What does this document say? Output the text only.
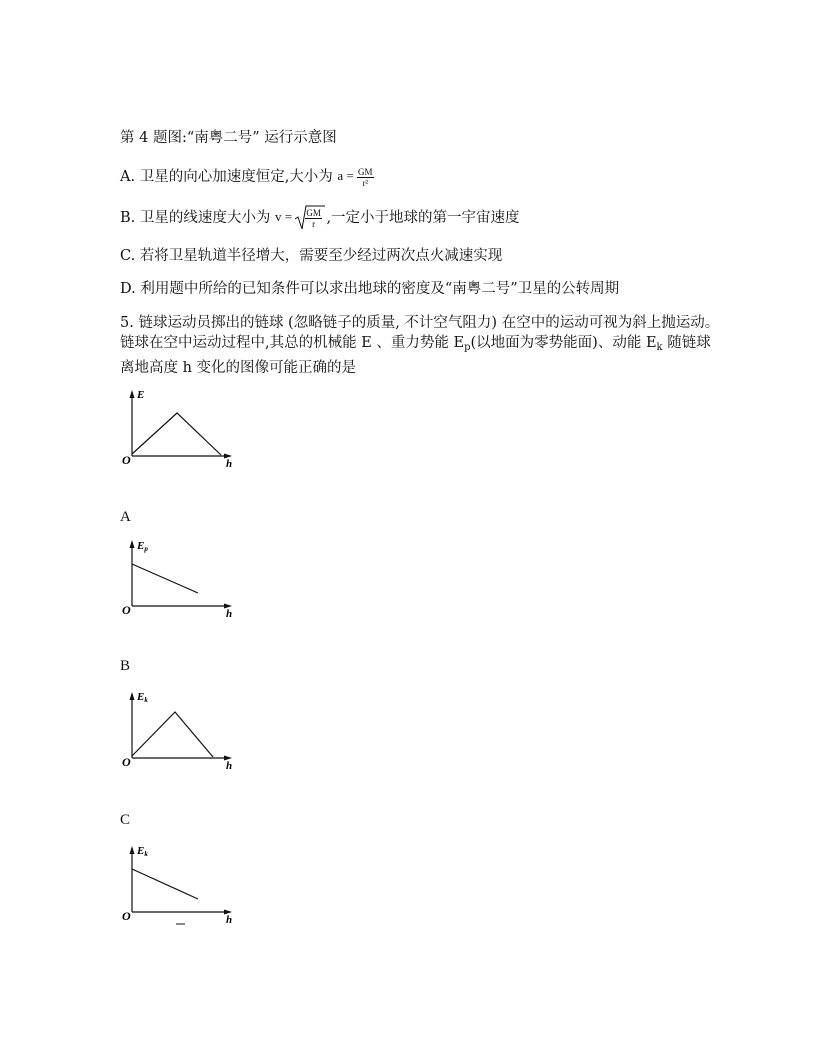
第 4 题图:“南粤二号” 运行示意图
A. 卫星的向心加速度恒定,大小为 $a = \frac{GM}{\text{r²}}$
B. 卫星的线速度大小为 $v = \frac{GM}{r}$ ,一定小于地球的第一宇宙速度
C. 若将卫星轨道半径增大，需要至少经过两次点火减速实现
D. 利用题中所给的已知条件可以求出地球的密度及“南粤二号”卫星的公转周期
5. 链球运动员掷出的链球 (忽略链子的质量, 不计空气阻力) 在空中的运动可视为斜上抛运动。 链球在空中运动过程中,其总的机械能 E 、重力势能 $E_p$(以地面为零势能面)、动能 $E_k$ 随链球离地高度 h 变化的图像可能正确的是
E
O	h
A
Ep
O	h
B
Ek
O	h
C
Ek
O	h
